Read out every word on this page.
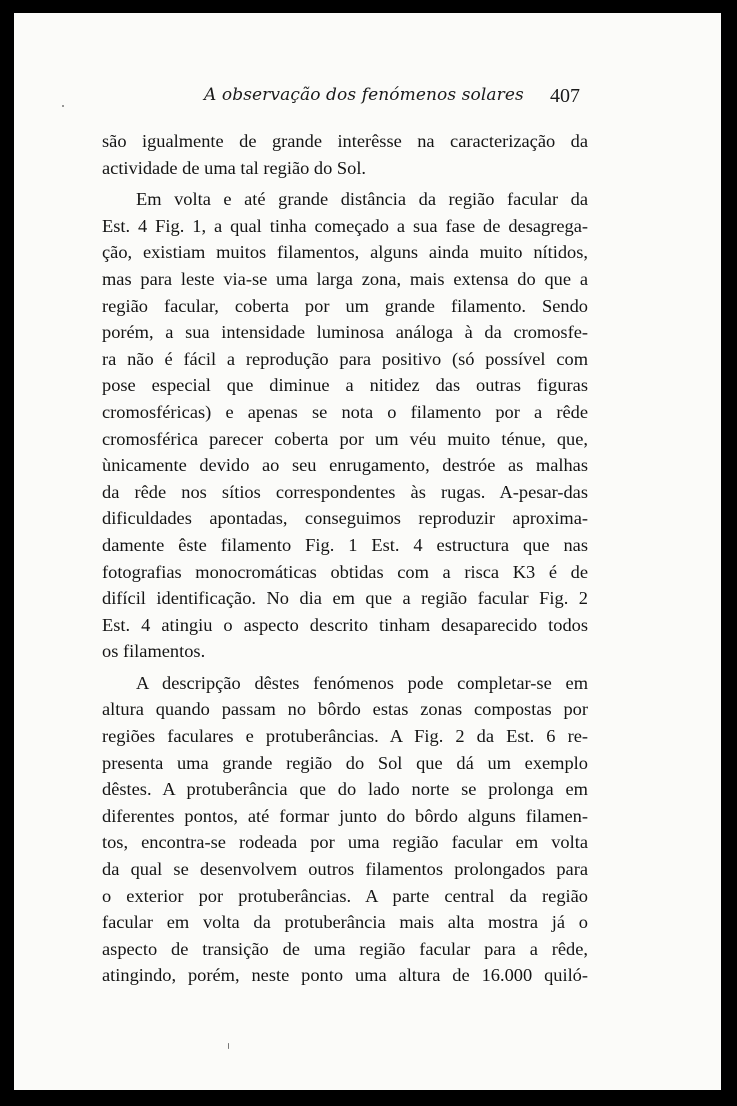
A observação dos fenómenos solares 407
são igualmente de grande interêsse na caracterização da
actividade de uma tal região do Sol.
Em volta e até grande distância da região facular da
Est. 4 Fig. 1, a qual tinha começado a sua fase de desagrega-
ção, existiam muitos filamentos, alguns ainda muito nítidos,
mas para leste via-se uma larga zona, mais extensa do que a
região facular, coberta por um grande filamento. Sendo
porém, a sua intensidade luminosa análoga à da cromosfe-
ra não é fácil a reprodução para positivo (só possível com
pose especial que diminue a nitidez das outras figuras
cromosféricas) e apenas se nota o filamento por a rêde
cromosférica parecer coberta por um véu muito ténue, que,
ùnicamente devido ao seu enrugamento, destróe as malhas
da rêde nos sítios correspondentes às rugas. A-pesar-das
dificuldades apontadas, conseguimos reproduzir aproxima-
damente êste filamento Fig. 1 Est. 4 estructura que nas
fotografias monocromáticas obtidas com a risca K3 é de
difícil identificação. No dia em que a região facular Fig. 2
Est. 4 atingiu o aspecto descrito tinham desaparecido todos
os filamentos.
A descripção dêstes fenómenos pode completar-se em
altura quando passam no bôrdo estas zonas compostas por
regiões faculares e protuberâncias. A Fig. 2 da Est. 6 re-
presenta uma grande região do Sol que dá um exemplo
dêstes. A protuberância que do lado norte se prolonga em
diferentes pontos, até formar junto do bôrdo alguns filamen-
tos, encontra-se rodeada por uma região facular em volta
da qual se desenvolvem outros filamentos prolongados para
o exterior por protuberâncias. A parte central da região
facular em volta da protuberância mais alta mostra já o
aspecto de transição de uma região facular para a rêde,
atingindo, porém, neste ponto uma altura de 16.000 quiló-
